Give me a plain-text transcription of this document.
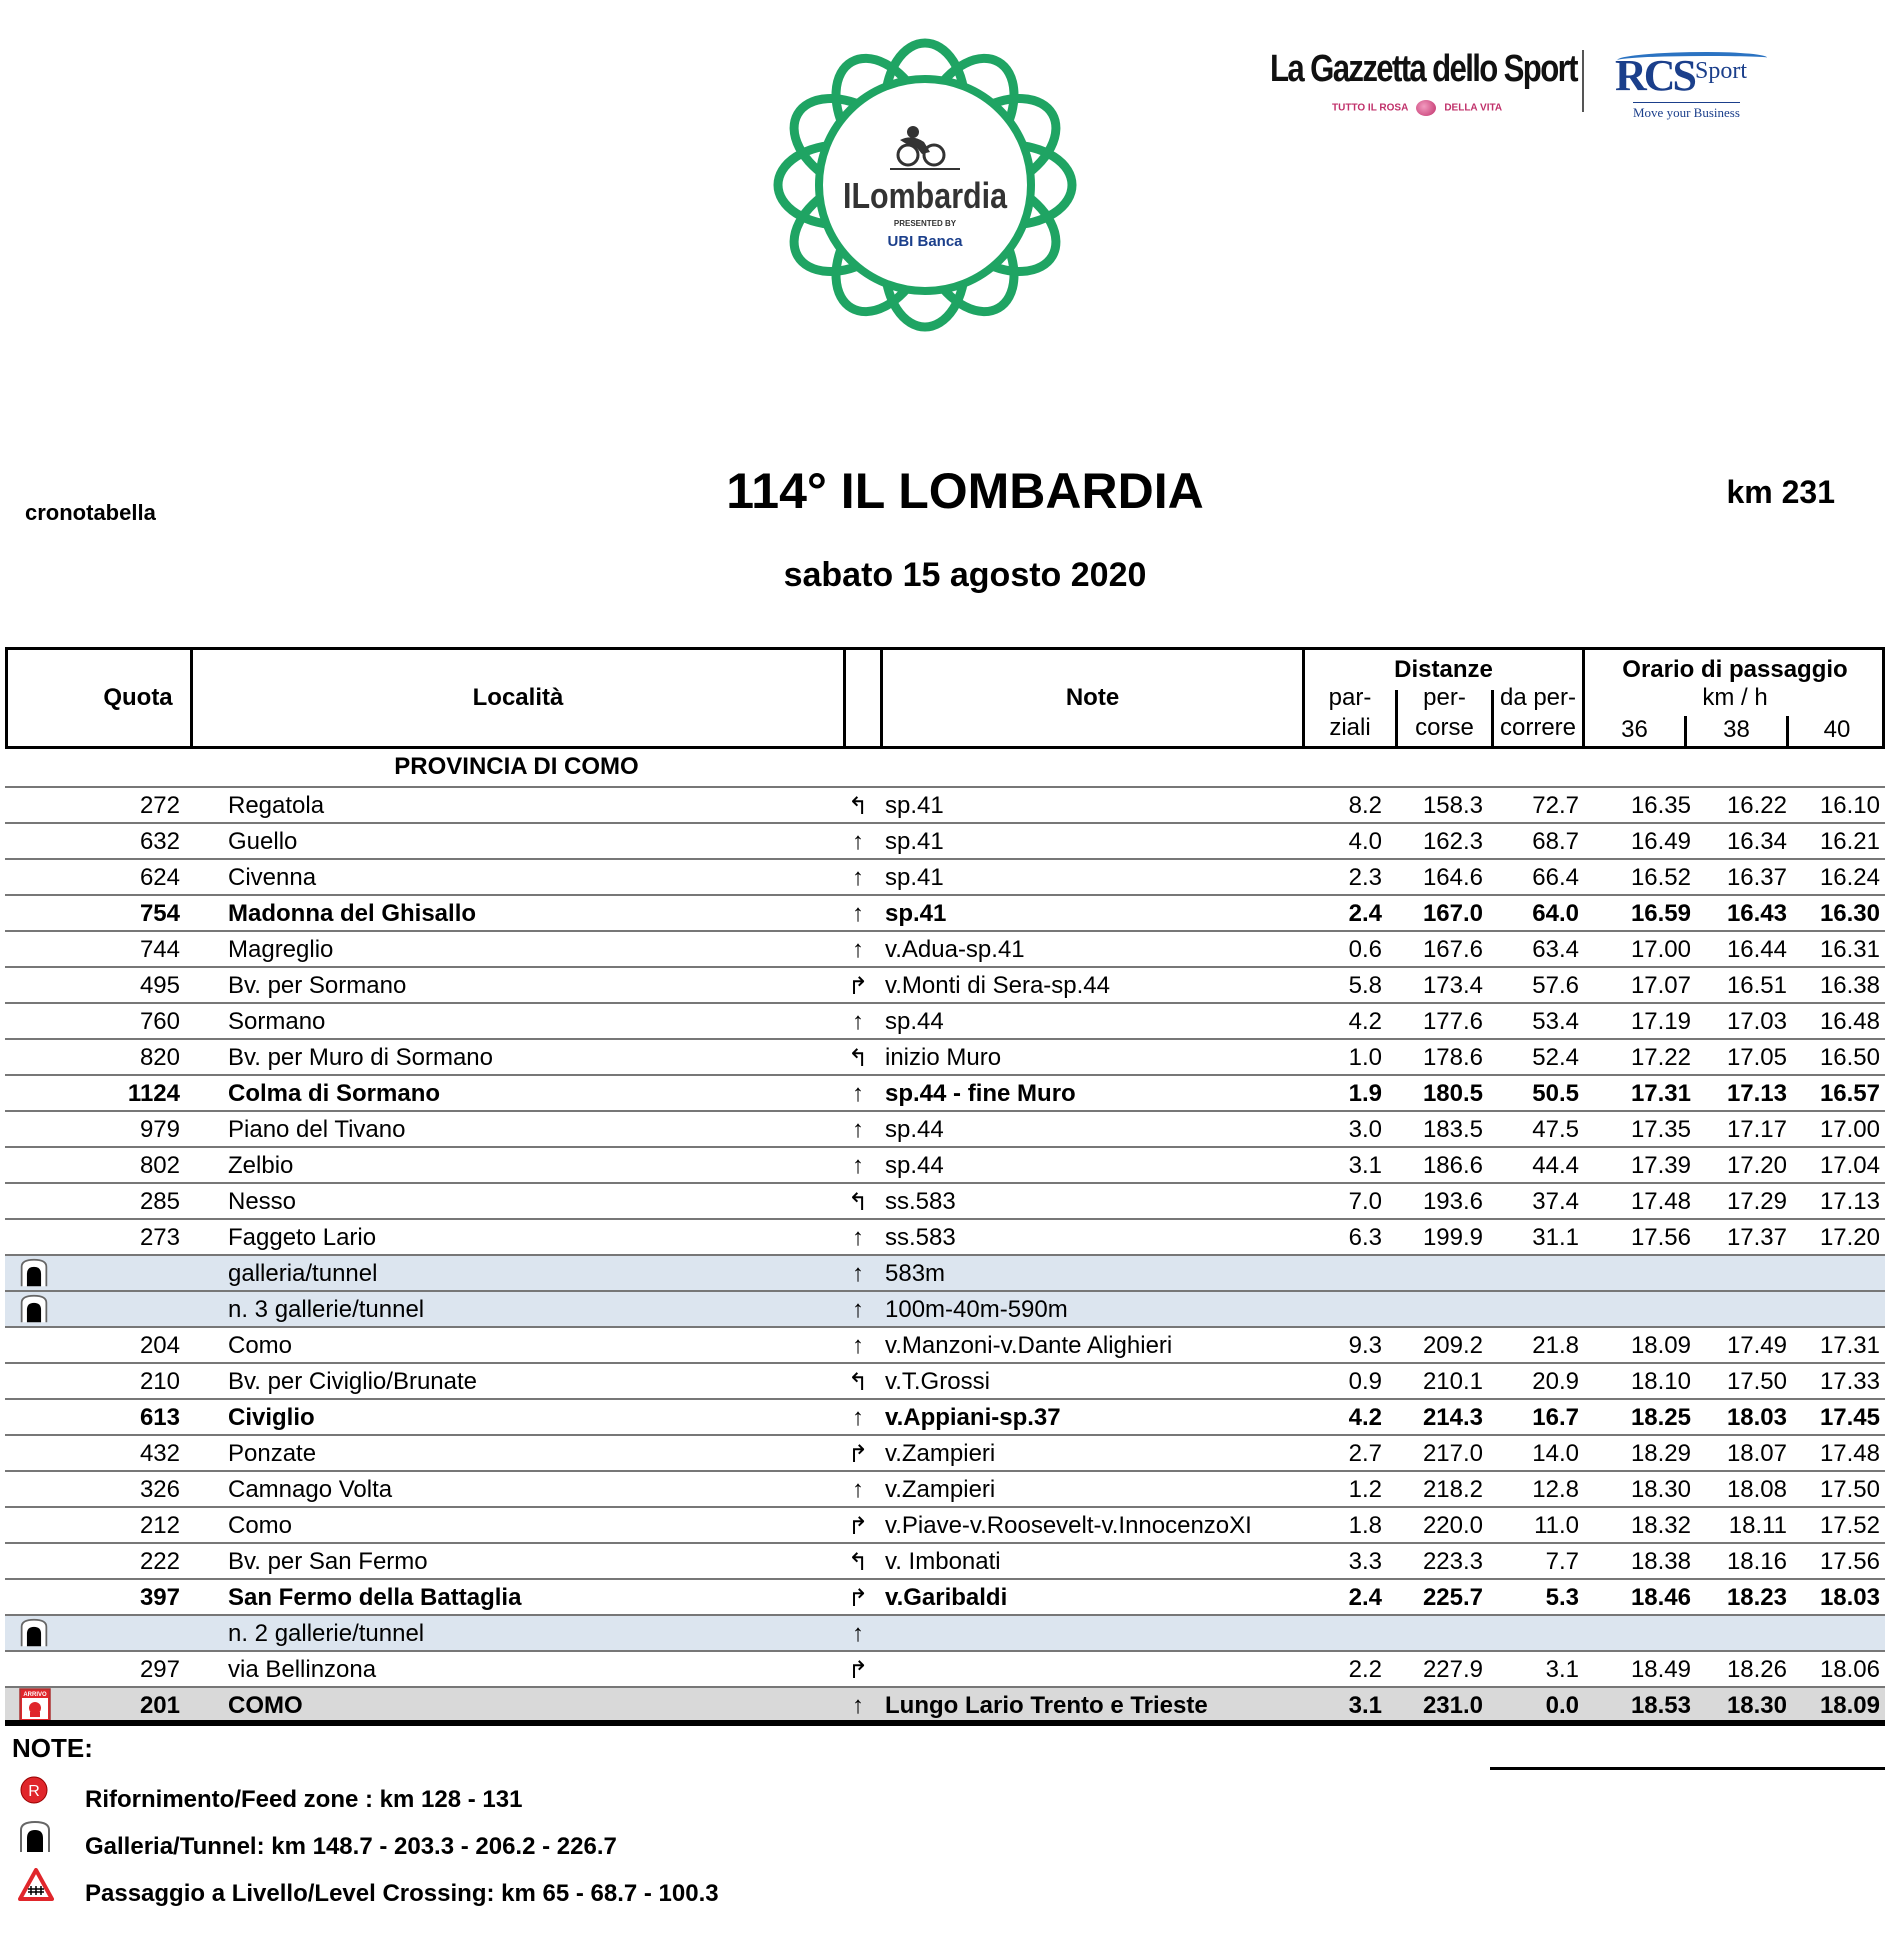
ILombardia
PRESENTED BY
UBI Banca
La Gazzetta dello Sport
TUTTO IL ROSA	DELLA VITA
RCS Sport
Move your Business
cronotabella	114° IL LOMBARDIA	km 231
sabato 15 agosto 2020
Quota	Località	Note
Distanze
par-
ziali
per-
corse
da per-
correre
Orario di passaggio
km / h
36	38	40
PROVINCIA DI COMO
272 Regatola	↰ sp.41	8.2 158.3 72.7 16.35 16.22 16.10
632 Guello	↑ sp.41	4.0 162.3 68.7 16.49 16.34 16.21
624 Civenna	↑ sp.41	2.3 164.6 66.4 16.52 16.37 16.24
754 Madonna del Ghisallo	↑ sp.41	2.4 167.0 64.0 16.59 16.43 16.30
744 Magreglio	↑ v.Adua-sp.41	0.6 167.6 63.4 17.00 16.44 16.31
495 Bv. per Sormano	↱ v.Monti di Sera-sp.44	5.8 173.4 57.6 17.07 16.51 16.38
760 Sormano	↑ sp.44	4.2 177.6 53.4 17.19 17.03 16.48
820 Bv. per Muro di Sormano	↰ inizio Muro	1.0 178.6 52.4 17.22 17.05 16.50
1124 Colma di Sormano	↑ sp.44 - fine Muro	1.9 180.5 50.5 17.31 17.13 16.57
979 Piano del Tivano	↑ sp.44	3.0 183.5 47.5 17.35 17.17 17.00
802 Zelbio	↑ sp.44	3.1 186.6 44.4 17.39 17.20 17.04
285 Nesso	↰ ss.583	7.0 193.6 37.4 17.48 17.29 17.13
273 Faggeto Lario	↑ ss.583	6.3 199.9 31.1 17.56 17.37 17.20
galleria/tunnel	↑ 583m
n. 3 gallerie/tunnel	↑ 100m-40m-590m
204 Como	↑ v.Manzoni-v.Dante Alighieri	9.3 209.2 21.8 18.09 17.49 17.31
210 Bv. per Civiglio/Brunate	↰ v.T.Grossi	0.9 210.1 20.9 18.10 17.50 17.33
613 Civiglio	↑ v.Appiani-sp.37	4.2 214.3 16.7 18.25 18.03 17.45
432 Ponzate	↱ v.Zampieri	2.7 217.0 14.0 18.29 18.07 17.48
326 Camnago Volta	↑ v.Zampieri	1.2 218.2 12.8 18.30 18.08 17.50
212 Como	↱ v.Piave-v.Roosevelt-v.InnocenzoXI	1.8 220.0 11.0 18.32 18.11 17.52
222 Bv. per San Fermo	↰ v. Imbonati	3.3 223.3	7.7 18.38 18.16 17.56
397 San Fermo della Battaglia	↱ v.Garibaldi	2.4 225.7	5.3 18.46 18.23 18.03
n. 2 gallerie/tunnel	↑
297 via Bellinzona	↱	2.2 227.9	3.1 18.49 18.26 18.06
ARRIVO	201 COMO	↑ Lungo Lario Trento e Trieste	3.1 231.0	0.0 18.53 18.30 18.09
NOTE:
R Rifornimento/Feed zone : km 128 - 131
Galleria/Tunnel: km 148.7 - 203.3 - 206.2 - 226.7
Passaggio a Livello/Level Crossing: km 65 - 68.7 - 100.3
